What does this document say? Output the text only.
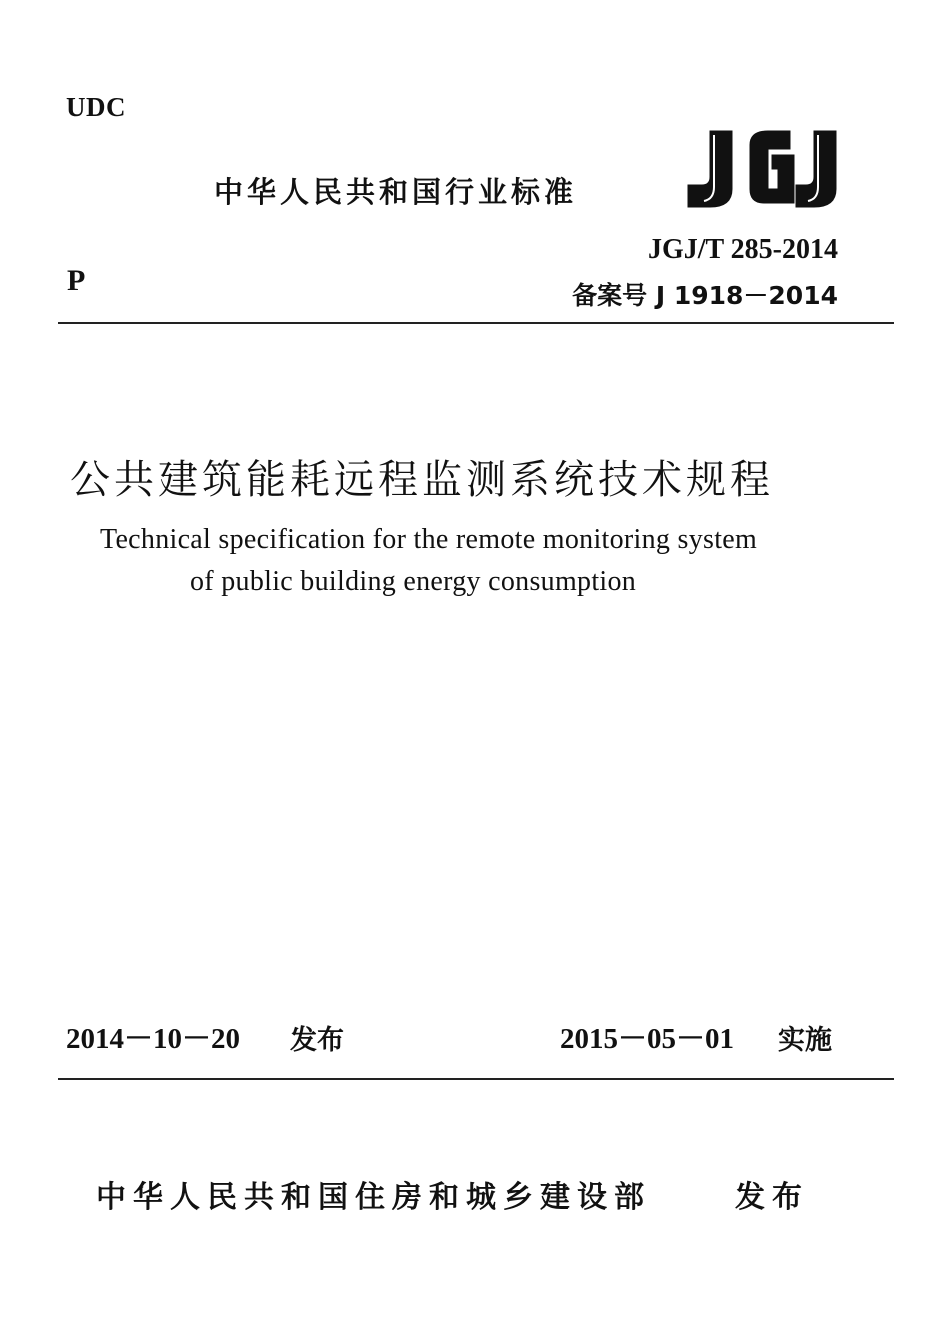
UDC
中华人民共和国行业标准
JGJ
JGJ/T 285-2014
P	备案号 J 1918－2014
公共建筑能耗远程监测系统技术规程
Technical specification for the remote monitoring system
of public building energy consumption
2014－10－20 发布	2015－05－01 实施
中华人民共和国住房和城乡建设部	发布
